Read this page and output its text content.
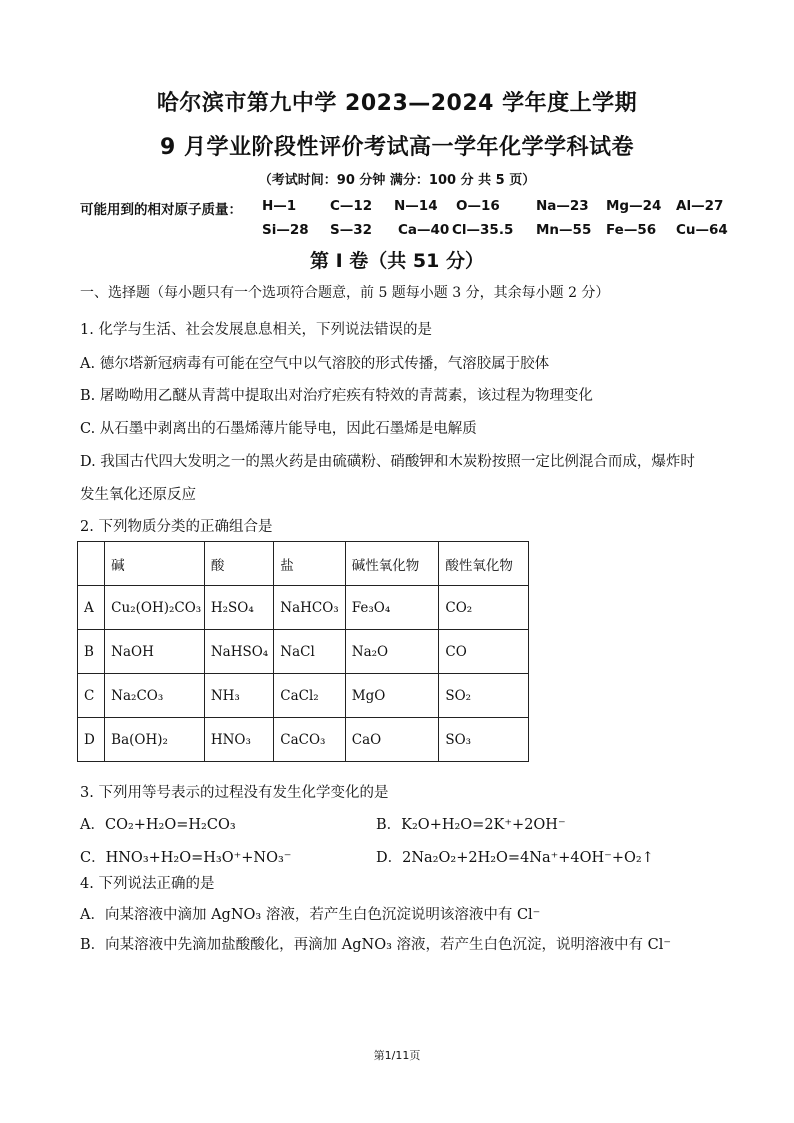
哈尔滨市第九中学 2023—2024 学年度上学期
9 月学业阶段性评价考试高一学年化学学科试卷
（考试时间：90 分钟 满分：100 分 共 5 页）
可能用到的相对原子质量： H—1	C—12 N—14 O—16	Na—23 Mg—24 Al—27
Si—28 S—32 Ca—40 Cl—35.5 Mn—55 Fe—56 Cu—64
第 I 卷（共 51 分）
一、选择题（每小题只有一个选项符合题意，前 5 题每小题 3 分，其余每小题 2 分）
1. 化学与生活、社会发展息息相关，下列说法错误的是
A. 德尔塔新冠病毒有可能在空气中以气溶胶的形式传播，气溶胶属于胶体
B. 屠呦呦用乙醚从青蒿中提取出对治疗疟疾有特效的青蒿素，该过程为物理变化
C. 从石墨中剥离出的石墨烯薄片能导电，因此石墨烯是电解质
D. 我国古代四大发明之一的黑火药是由硫磺粉、硝酸钾和木炭粉按照一定比例混合而成，爆炸时
发生氧化还原反应
2. 下列物质分类的正确组合是
	碱	酸	盐	碱性氧化物	酸性氧化物
A	Cu₂(OH)₂CO₃	H₂SO₄	NaHCO₃	Fe₃O₄	CO₂
B	NaOH	NaHSO₄	NaCl	Na₂O	CO
C	Na₂CO₃	NH₃	CaCl₂	MgO	SO₂
D	Ba(OH)₂	HNO₃	CaCO₃	CaO	SO₃
3. 下列用等号表示的过程没有发生化学变化的是
A．CO₂+H₂O=H₂CO₃	B．K₂O+H₂O=2K⁺+2OH⁻
C．HNO₃+H₂O=H₃O⁺+NO₃⁻	D．2Na₂O₂+2H₂O=4Na⁺+4OH⁻+O₂↑
4. 下列说法正确的是
A．向某溶液中滴加 AgNO₃ 溶液，若产生白色沉淀说明该溶液中有 Cl⁻
B．向某溶液中先滴加盐酸酸化，再滴加 AgNO₃ 溶液，若产生白色沉淀，说明溶液中有 Cl⁻
第1/11页
